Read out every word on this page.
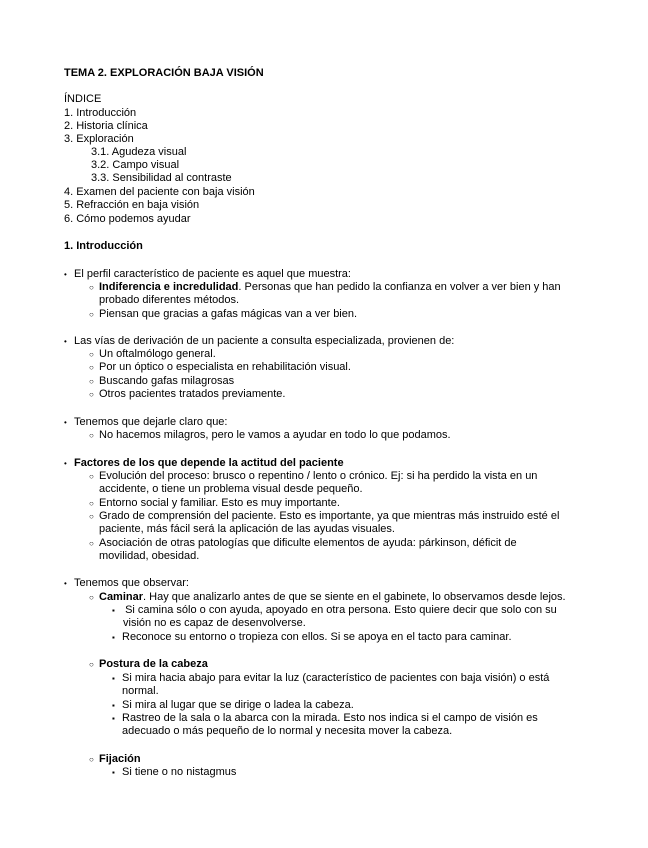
TEMA 2. EXPLORACIÓN BAJA VISIÓN
ÍNDICE
1. Introducción
2. Historia clínica
3. Exploración
3.1. Agudeza visual
3.2. Campo visual
3.3. Sensibilidad al contraste
4. Examen del paciente con baja visión
5. Refracción en baja visión
6. Cómo podemos ayudar
1. Introducción
• El perfil característico de paciente es aquel que muestra:
○ Indiferencia e incredulidad. Personas que han pedido la confianza en volver a ver bien y han
probado diferentes métodos.
○ Piensan que gracias a gafas mágicas van a ver bien.
• Las vías de derivación de un paciente a consulta especializada, provienen de:
○ Un oftalmólogo general.
○ Por un óptico o especialista en rehabilitación visual.
○ Buscando gafas milagrosas
○ Otros pacientes tratados previamente.
• Tenemos que dejarle claro que:
○ No hacemos milagros, pero le vamos a ayudar en todo lo que podamos.
• Factores de los que depende la actitud del paciente
○ Evolución del proceso: brusco o repentino / lento o crónico. Ej: si ha perdido la vista en un
accidente, o tiene un problema visual desde pequeño.
○ Entorno social y familiar. Esto es muy importante.
○ Grado de comprensión del paciente. Esto es importante, ya que mientras más instruido esté el
paciente, más fácil será la aplicación de las ayudas visuales.
○ Asociación de otras patologías que dificulte elementos de ayuda: párkinson, déficit de
movilidad, obesidad.
• Tenemos que observar:
○ Caminar. Hay que analizarlo antes de que se siente en el gabinete, lo observamos desde lejos.
▪ Si camina sólo o con ayuda, apoyado en otra persona. Esto quiere decir que solo con su
visión no es capaz de desenvolverse.
▪ Reconoce su entorno o tropieza con ellos. Si se apoya en el tacto para caminar.
○ Postura de la cabeza
▪ Si mira hacia abajo para evitar la luz (característico de pacientes con baja visión) o está
normal.
▪ Si mira al lugar que se dirige o ladea la cabeza.
▪ Rastreo de la sala o la abarca con la mirada. Esto nos indica si el campo de visión es
adecuado o más pequeño de lo normal y necesita mover la cabeza.
○ Fijación
▪ Si tiene o no nistagmus
